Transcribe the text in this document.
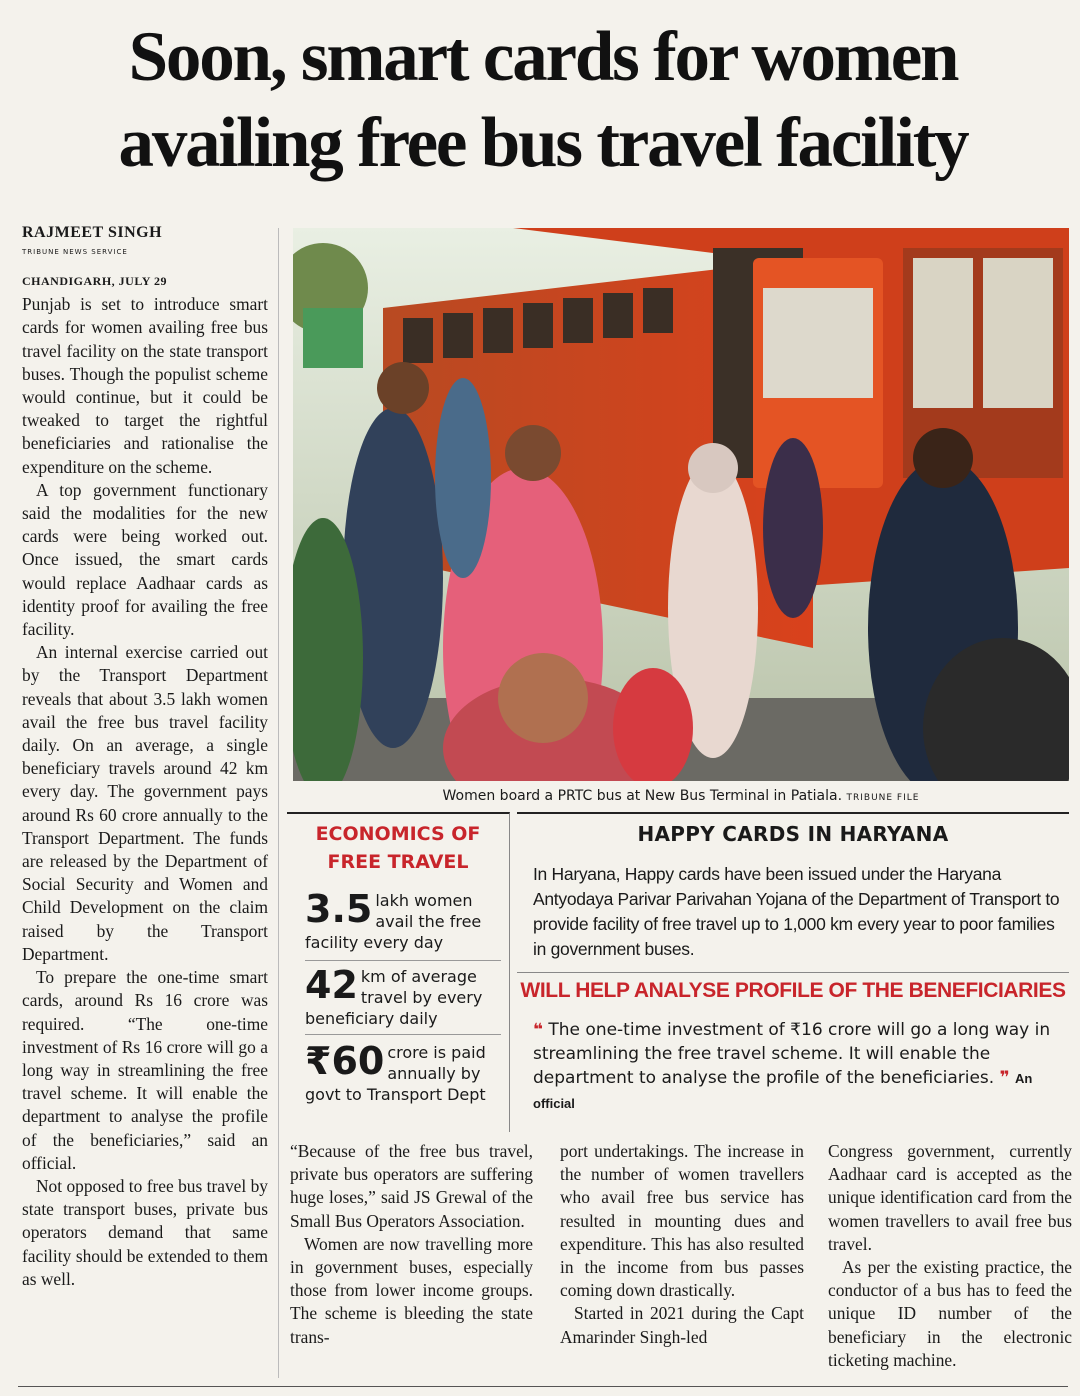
Soon, smart cards for women
availing free bus travel facility
RAJMEET SINGH
TRIBUNE NEWS SERVICE
CHANDIGARH, JULY 29

Punjab is set to introduce smart cards for women availing free bus travel facility on the state transport buses. Though the populist scheme would continue, but it could be tweaked to target the rightful beneficiaries and rationalise the expenditure on the scheme.

A top government functionary said the modalities for the new cards were being worked out. Once issued, the smart cards would replace Aadhaar cards as identity proof for availing the free facility.

An internal exercise carried out by the Transport Department reveals that about 3.5 lakh women avail the free bus travel facility daily. On an average, a single beneficiary travels around 42 km every day. The government pays around Rs 60 crore annually to the Transport Department. The funds are released by the Department of Social Security and Women and Child Development on the claim raised by the Transport Department.

To prepare the one-time smart cards, around Rs 16 crore was required. “The one-time investment of Rs 16 crore will go a long way in streamlining the free travel scheme. It will enable the department to analyse the profile of the beneficiaries,” said an official.

Not opposed to free bus travel by state transport buses, private bus operators demand that same facility should be extended to them as well.

Women board a PRTC bus at New Bus Terminal in Patiala. TRIBUNE FILE
ECONOMICS OF FREE TRAVEL
3.5 lakh women avail the free facility every day
42 km of average travel by every beneficiary daily
₹60 crore is paid annually by govt to Transport Dept
HAPPY CARDS IN HARYANA
In Haryana, Happy cards have been issued under the Haryana Antyodaya Parivar Parivahan Yojana of the Department of Transport to provide facility of free travel up to 1,000 km every year to poor families in government buses.
WILL HELP ANALYSE PROFILE OF THE BENEFICIARIES
❝ The one-time investment of ₹16 crore will go a long way in streamlining the free travel scheme. It will enable the department to analyse the profile of the beneficiaries. ❞ An official

“Because of the free bus travel, private bus operators are suffering huge loses,” said JS Grewal of the Small Bus Operators Association.

Women are now travelling more in government buses, especially those from lower income groups. The scheme is bleeding the state trans-

port undertakings. The increase in the number of women travellers who avail free bus service has resulted in mounting dues and expenditure. This has also resulted in the income from bus passes coming down drastically.

Started in 2021 during the Capt Amarinder Singh-led

Congress government, currently Aadhaar card is accepted as the unique identification card from the women travellers to avail free bus travel.

As per the existing practice, the conductor of a bus has to feed the unique ID number of the beneficiary in the electronic ticketing machine.
